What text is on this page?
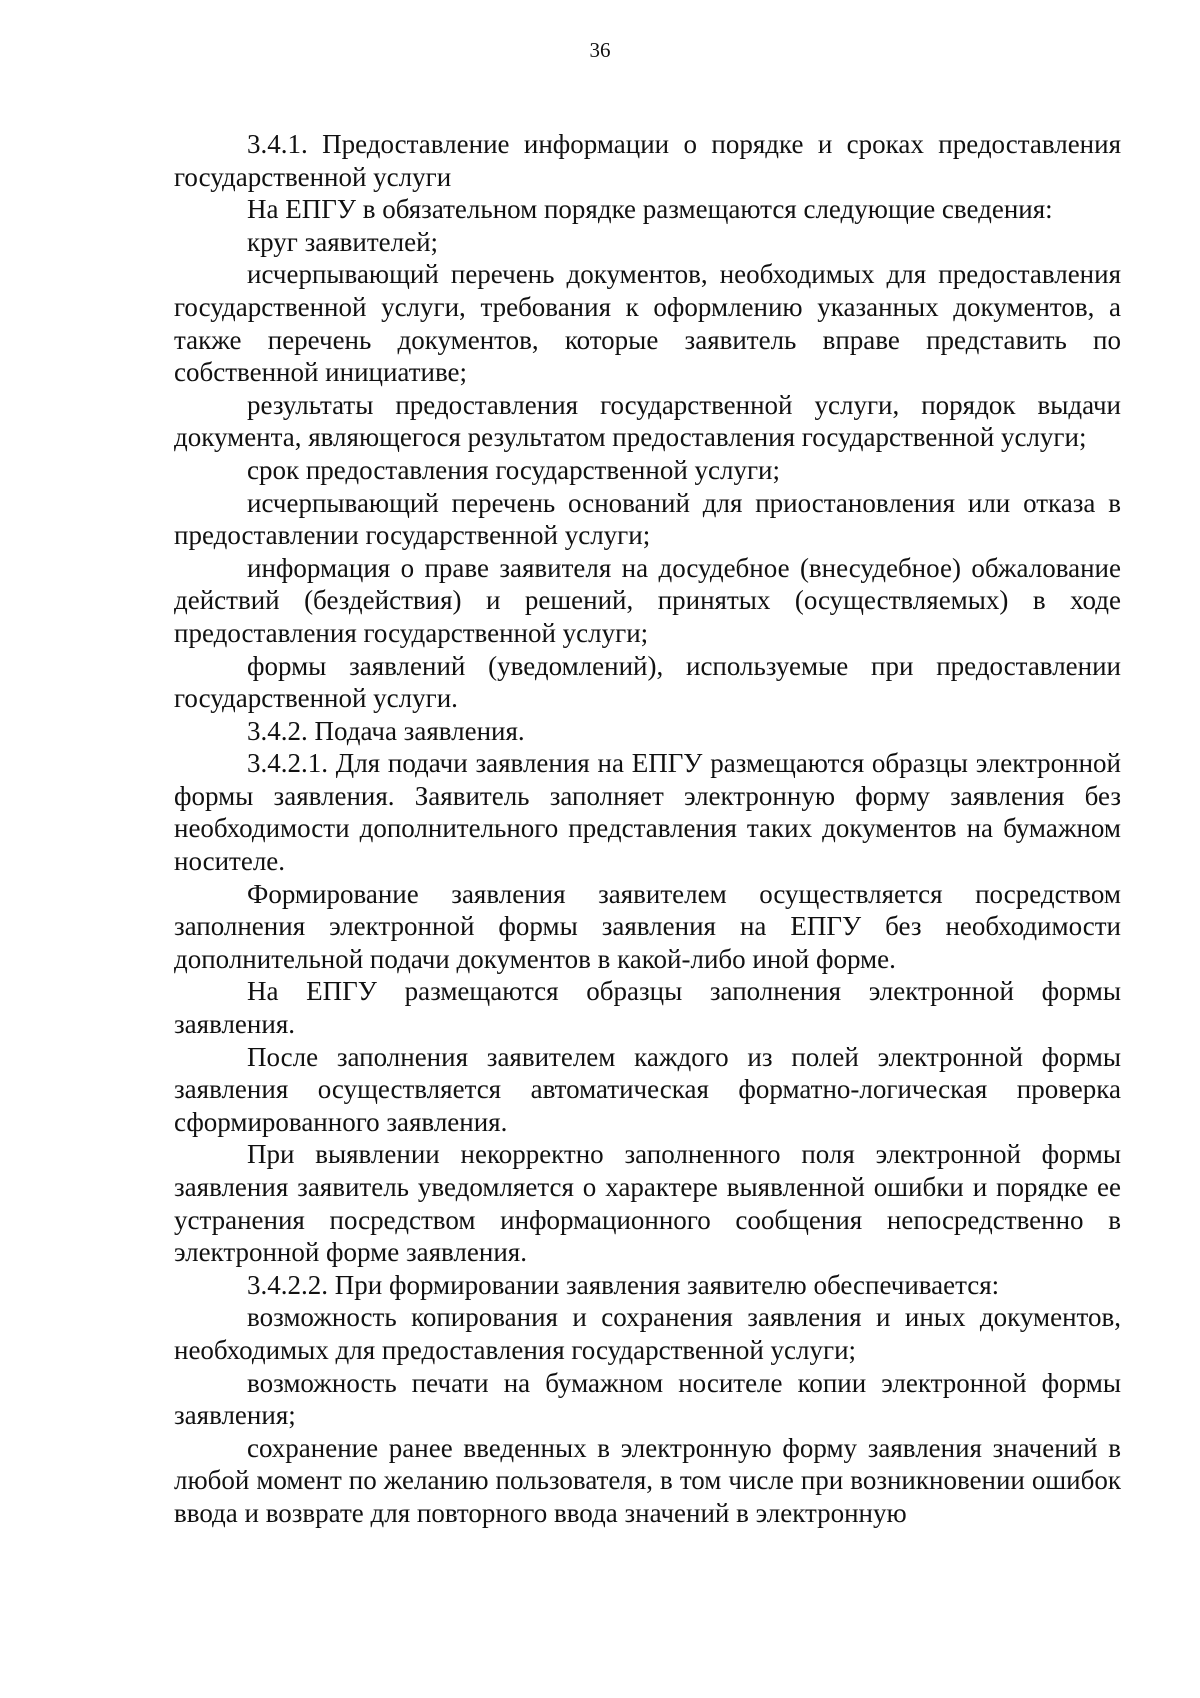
36

3.4.1. Предоставление информации о порядке и сроках предоставления государственной услуги

На ЕПГУ в обязательном порядке размещаются следующие сведения:

круг заявителей;

исчерпывающий перечень документов, необходимых для предоставления государственной услуги, требования к оформлению указанных документов, а также перечень документов, которые заявитель вправе представить по собственной инициативе;

результаты предоставления государственной услуги, порядок выдачи документа, являющегося результатом предоставления государственной услуги;

срок предоставления государственной услуги;

исчерпывающий перечень оснований для приостановления или отказа в предоставлении государственной услуги;

информация о праве заявителя на досудебное (внесудебное) обжалование действий (бездействия) и решений, принятых (осуществляемых) в ходе предоставления государственной услуги;

формы заявлений (уведомлений), используемые при предоставлении государственной услуги.

3.4.2. Подача заявления.

3.4.2.1. Для подачи заявления на ЕПГУ размещаются образцы электронной формы заявления. Заявитель заполняет электронную форму заявления без необходимости дополнительного представления таких документов на бумажном носителе.

Формирование заявления заявителем осуществляется посредством заполнения электронной формы заявления на ЕПГУ без необходимости дополнительной подачи документов в какой-либо иной форме.

На ЕПГУ размещаются образцы заполнения электронной формы заявления.

После заполнения заявителем каждого из полей электронной формы заявления осуществляется автоматическая форматно-логическая проверка сформированного заявления.

При выявлении некорректно заполненного поля электронной формы заявления заявитель уведомляется о характере выявленной ошибки и порядке ее устранения посредством информационного сообщения непосредственно в электронной форме заявления.

3.4.2.2. При формировании заявления заявителю обеспечивается:

возможность копирования и сохранения заявления и иных документов, необходимых для предоставления государственной услуги;

возможность печати на бумажном носителе копии электронной формы заявления;

сохранение ранее введенных в электронную форму заявления значений в любой момент по желанию пользователя, в том числе при возникновении ошибок ввода и возврате для повторного ввода значений в электронную
